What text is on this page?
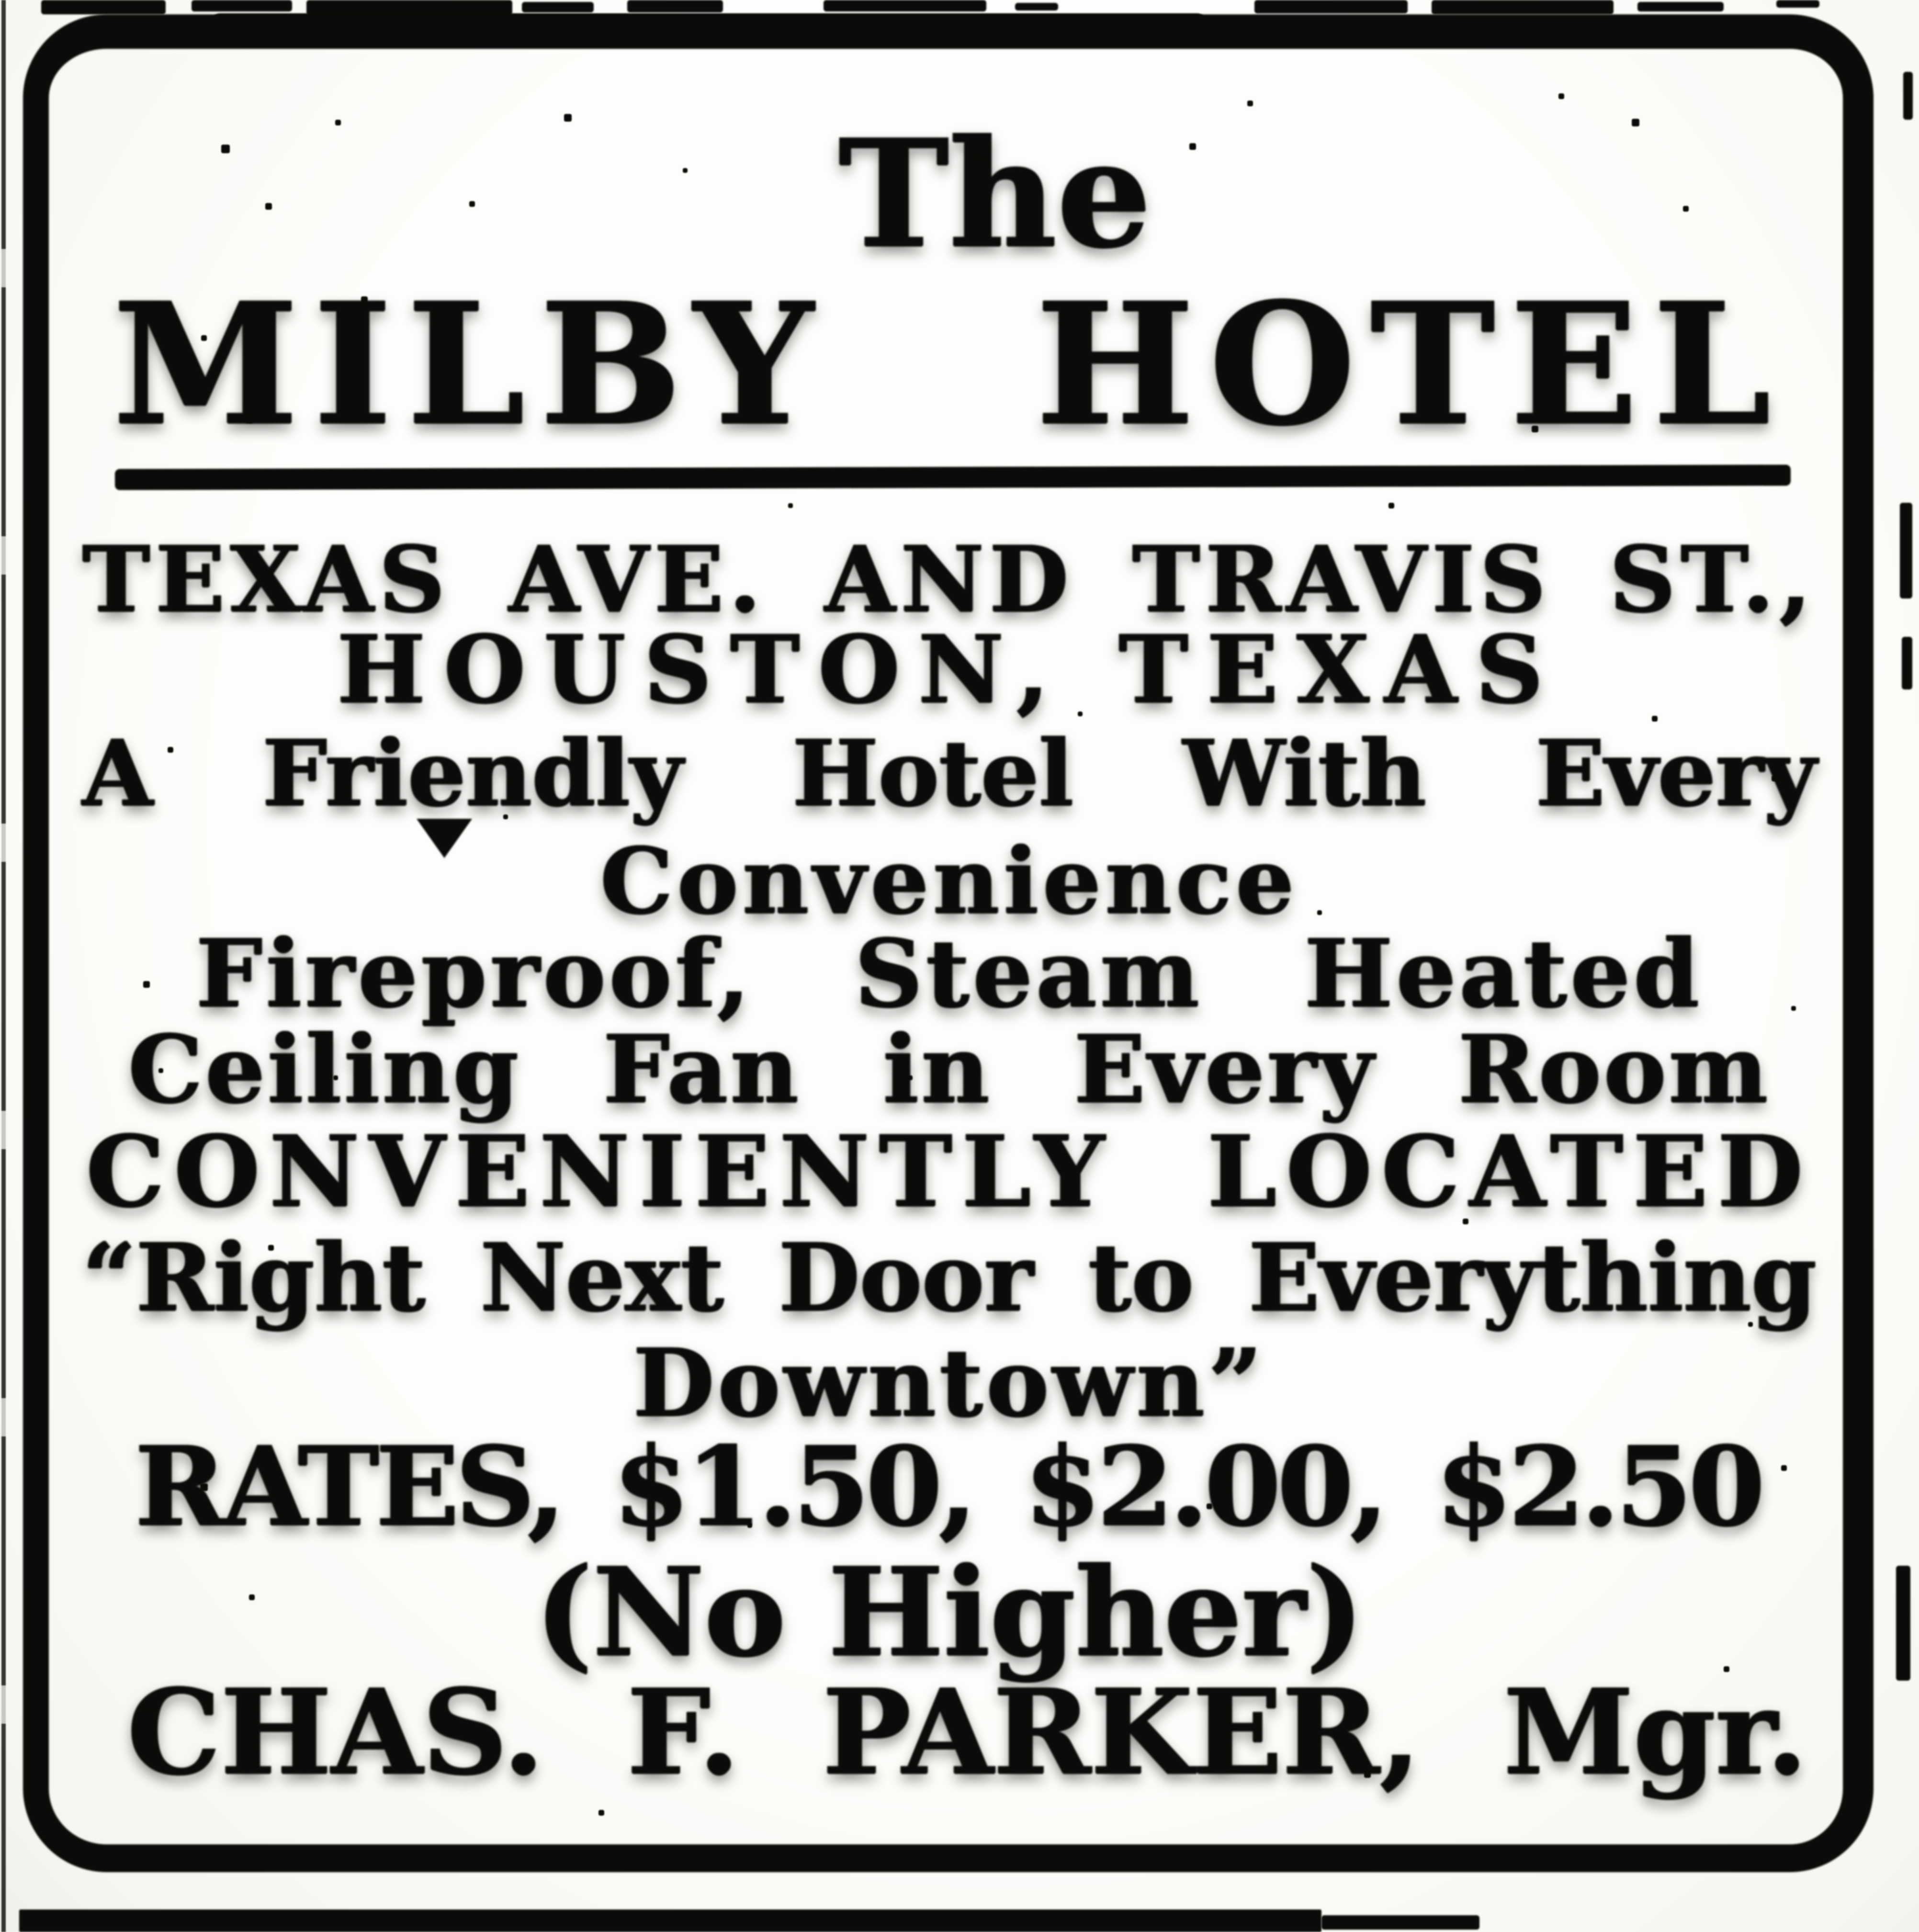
The
MILBY HOTEL
TEXAS AVE. AND TRAVIS ST.,
HOUSTON, TEXAS
A Friendly Hotel With Every
Convenience
Fireproof, Steam Heated
Ceiling Fan in Every Room
CONVENIENTLY LOCATED
“Right Next Door to Everything
Downtown”
RATES, $1.50, $2.00, $2.50
(No Higher)
CHAS. F. PARKER, Mgr.
